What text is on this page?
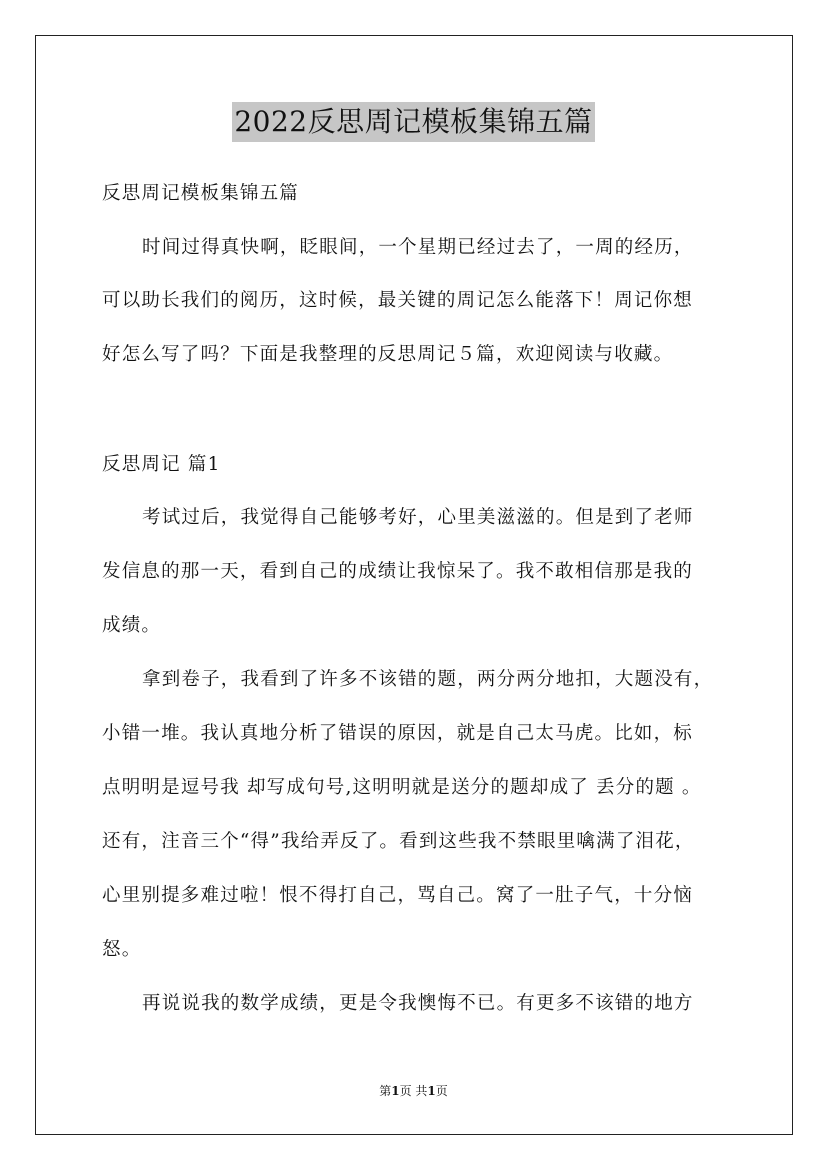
2022反思周记模板集锦五篇
反思周记模板集锦五篇
时间过得真快啊，眨眼间，一个星期已经过去了，一周的经历，
可以助长我们的阅历，这时候，最关键的周记怎么能落下！周记你想
好怎么写了吗？下面是我整理的反思周记５篇，欢迎阅读与收藏。
反思周记 篇1
考试过后，我觉得自己能够考好，心里美滋滋的。但是到了老师
发信息的那一天，看到自己的成绩让我惊呆了。我不敢相信那是我的
成绩。
拿到卷子，我看到了许多不该错的题，两分两分地扣，大题没有，
小错一堆。我认真地分析了错误的原因，就是自己太马虎。比如，标
点明明是逗号我 却写成句号,这明明就是送分的题却成了 丢分的题 。
还有，注音三个“得”我给弄反了。看到这些我不禁眼里噙满了泪花，
心里别提多难过啦！恨不得打自己，骂自己。窝了一肚子气，十分恼
怒。
再说说我的数学成绩，更是令我懊悔不已。有更多不该错的地方
第1页 共1页
